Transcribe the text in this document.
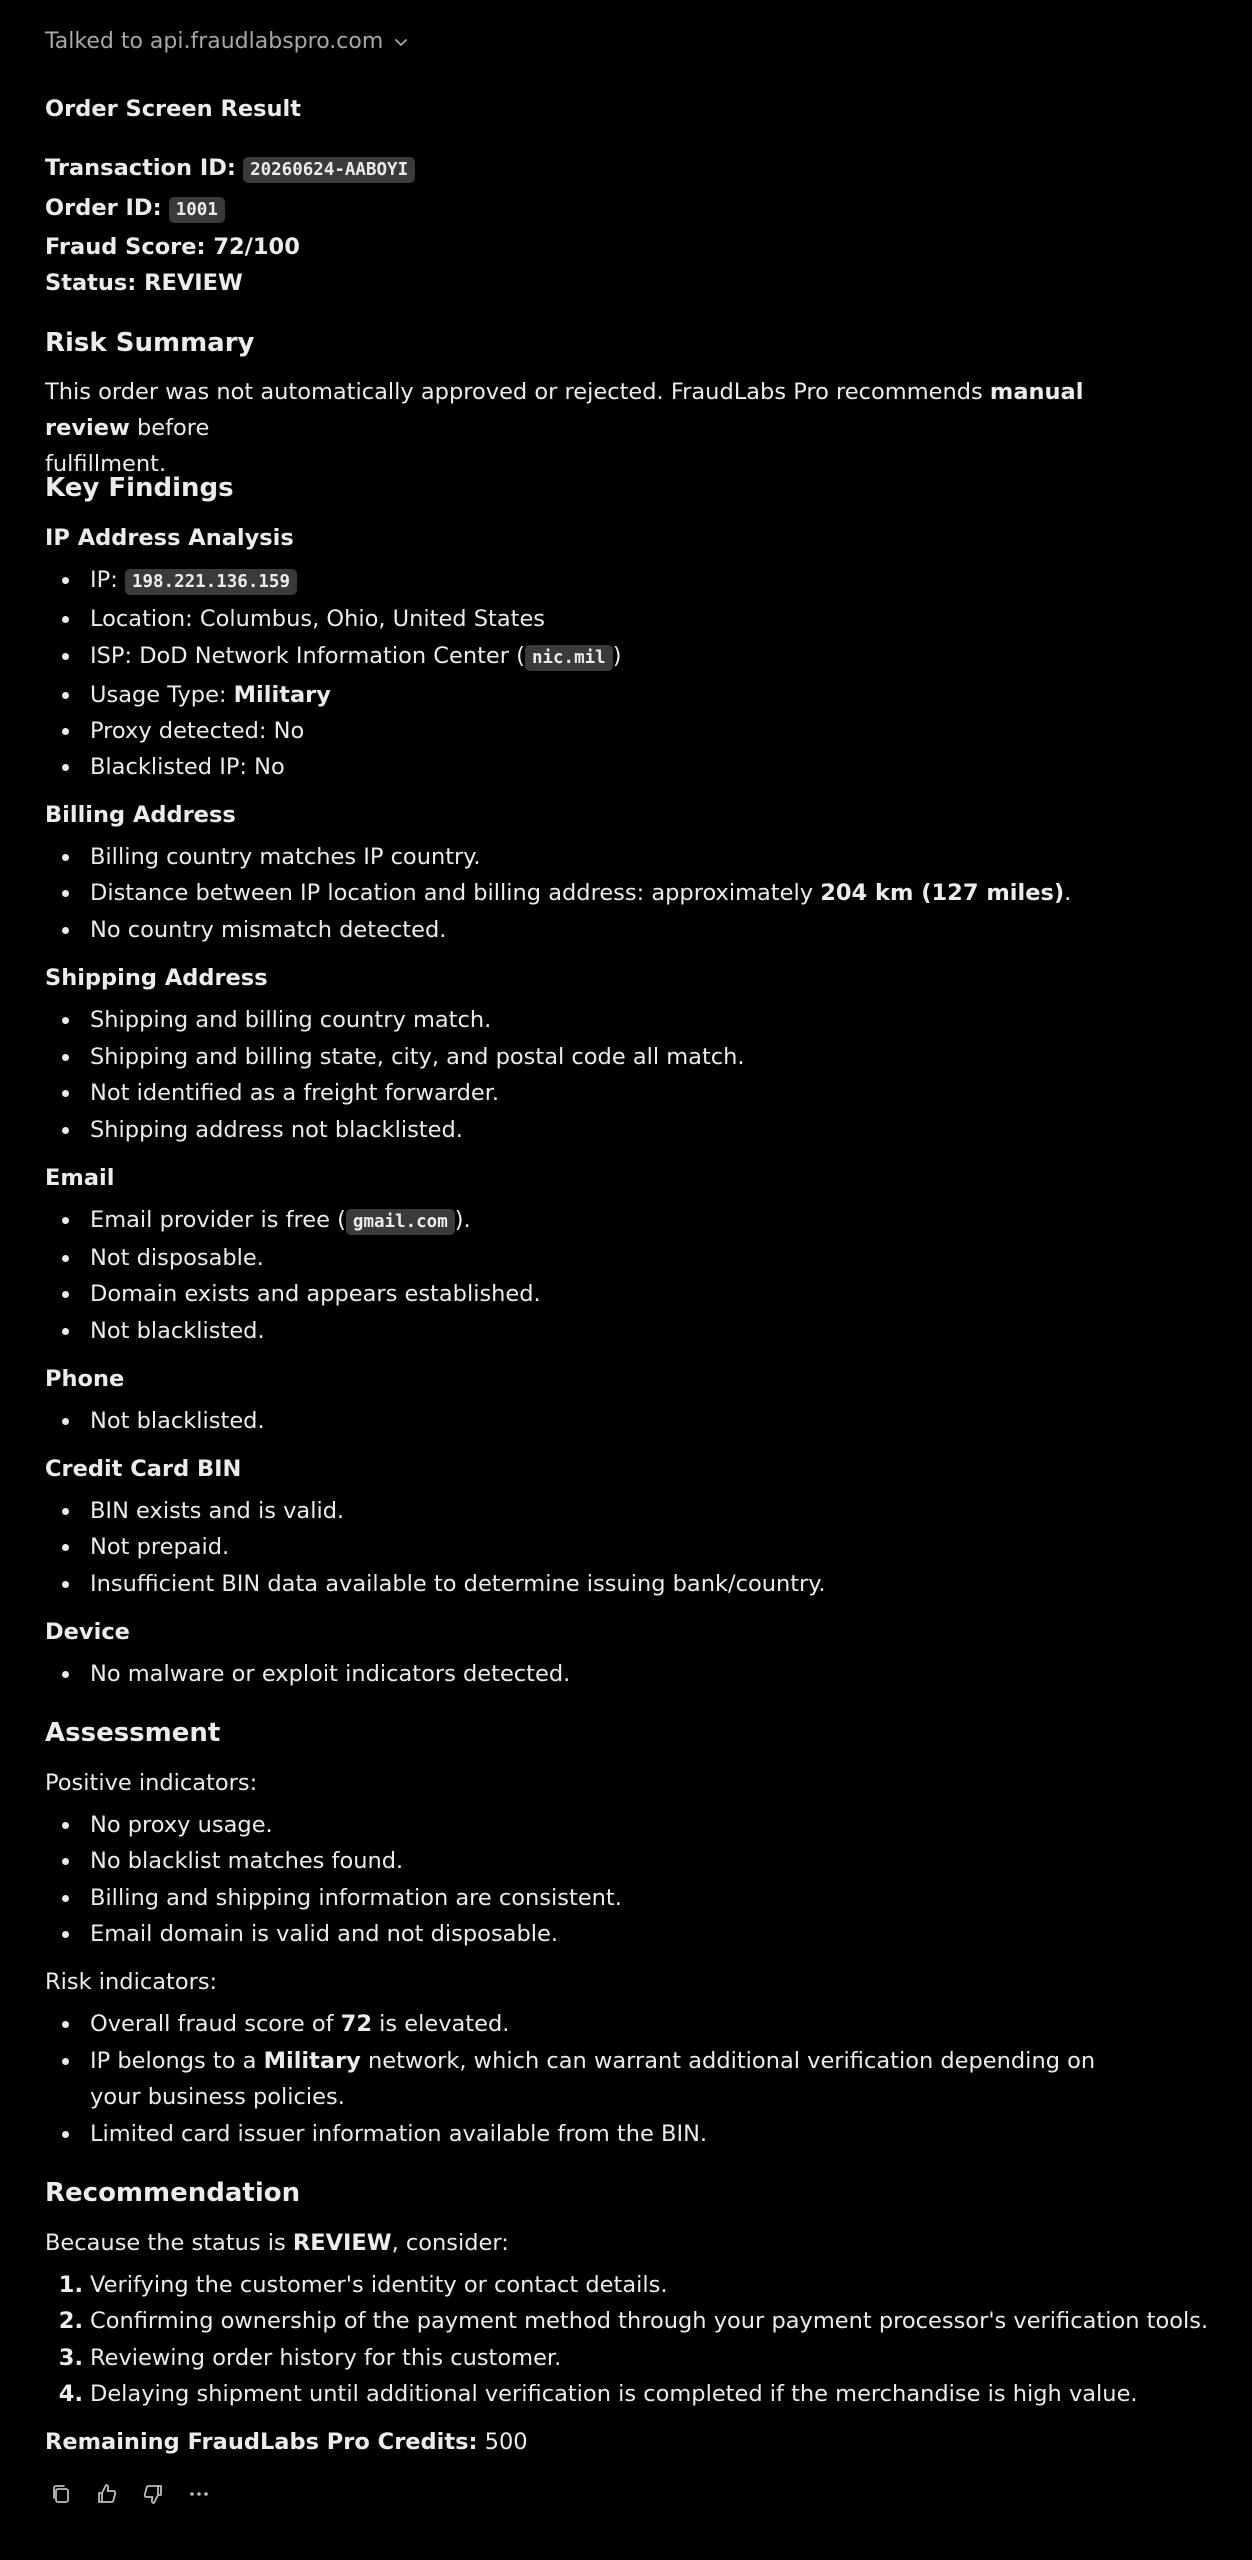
Talked to api.fraudlabspro.com
Order Screen Result
Transaction ID: 20260624-AABOYI
Order ID: 1001
Fraud Score: 72/100
Status: REVIEW
Risk Summary
This order was not automatically approved or rejected. FraudLabs Pro recommends manual review before
fulfillment.
Key Findings
IP Address Analysis
IP: 198.221.136.159
Location: Columbus, Ohio, United States
ISP: DoD Network Information Center ( nic.mil )
Usage Type: Military
Proxy detected: No
Blacklisted IP: No
Billing Address
Billing country matches IP country.
Distance between IP location and billing address: approximately 204 km (127 miles).
No country mismatch detected.
Shipping Address
Shipping and billing country match.
Shipping and billing state, city, and postal code all match.
Not identified as a freight forwarder.
Shipping address not blacklisted.
Email
Email provider is free ( gmail.com ).
Not disposable.
Domain exists and appears established.
Not blacklisted.
Phone
Not blacklisted.
Credit Card BIN
BIN exists and is valid.
Not prepaid.
Insufficient BIN data available to determine issuing bank/country.
Device
No malware or exploit indicators detected.
Assessment
Positive indicators:
No proxy usage.
No blacklist matches found.
Billing and shipping information are consistent.
Email domain is valid and not disposable.
Risk indicators:
Overall fraud score of 72 is elevated.
IP belongs to a Military network, which can warrant additional verification depending on your business policies.
Limited card issuer information available from the BIN.
Recommendation
Because the status is REVIEW, consider:
1. Verifying the customer's identity or contact details.
2. Confirming ownership of the payment method through your payment processor's verification tools.
3. Reviewing order history for this customer.
4. Delaying shipment until additional verification is completed if the merchandise is high value.
Remaining FraudLabs Pro Credits: 500
